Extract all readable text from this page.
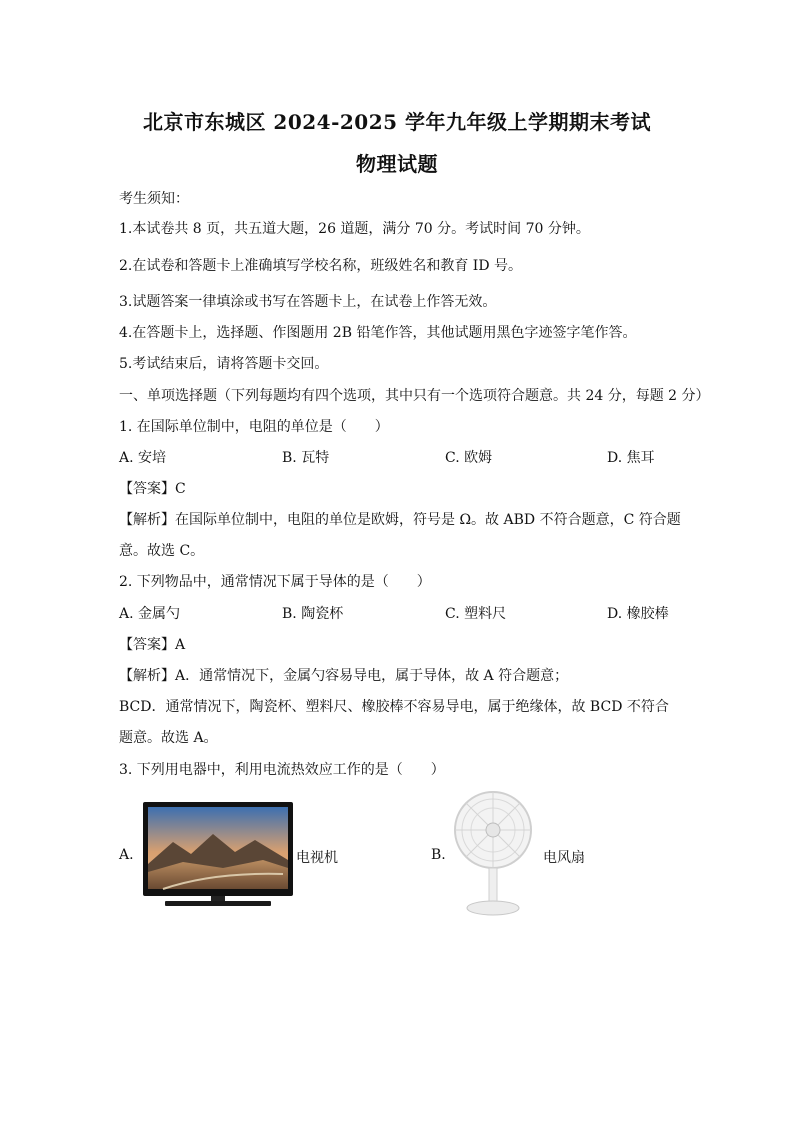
北京市东城区 2024-2025 学年九年级上学期期末考试
物理试题
考生须知：
1.本试卷共 8 页，共五道大题，26 道题，满分 70 分。考试时间 70 分钟。
2.在试卷和答题卡上准确填写学校名称，班级姓名和教育 ID 号。
3.试题答案一律填涂或书写在答题卡上，在试卷上作答无效。
4.在答题卡上，选择题、作图题用 2B 铅笔作答，其他试题用黑色字迹签字笔作答。
5.考试结束后，请将答题卡交回。
一、单项选择题（下列每题均有四个选项，其中只有一个选项符合题意。共 24 分，每题 2 分）
1. 在国际单位制中，电阻的单位是（　　）
A. 安培	B. 瓦特	C. 欧姆	D. 焦耳
【答案】C
【解析】在国际单位制中，电阻的单位是欧姆，符号是 Ω。故 ABD 不符合题意，C 符合题
意。故选 C。
2. 下列物品中，通常情况下属于导体的是（　　）
A. 金属勺	B. 陶瓷杯	C. 塑料尺	D. 橡胶棒
【答案】A
【解析】A．通常情况下，金属勺容易导电，属于导体，故 A 符合题意；
BCD．通常情况下，陶瓷杯、塑料尺、橡胶棒不容易导电，属于绝缘体，故 BCD 不符合
题意。故选 A。
3. 下列用电器中，利用电流热效应工作的是（　　）
A.	电视机	B.	电风扇
